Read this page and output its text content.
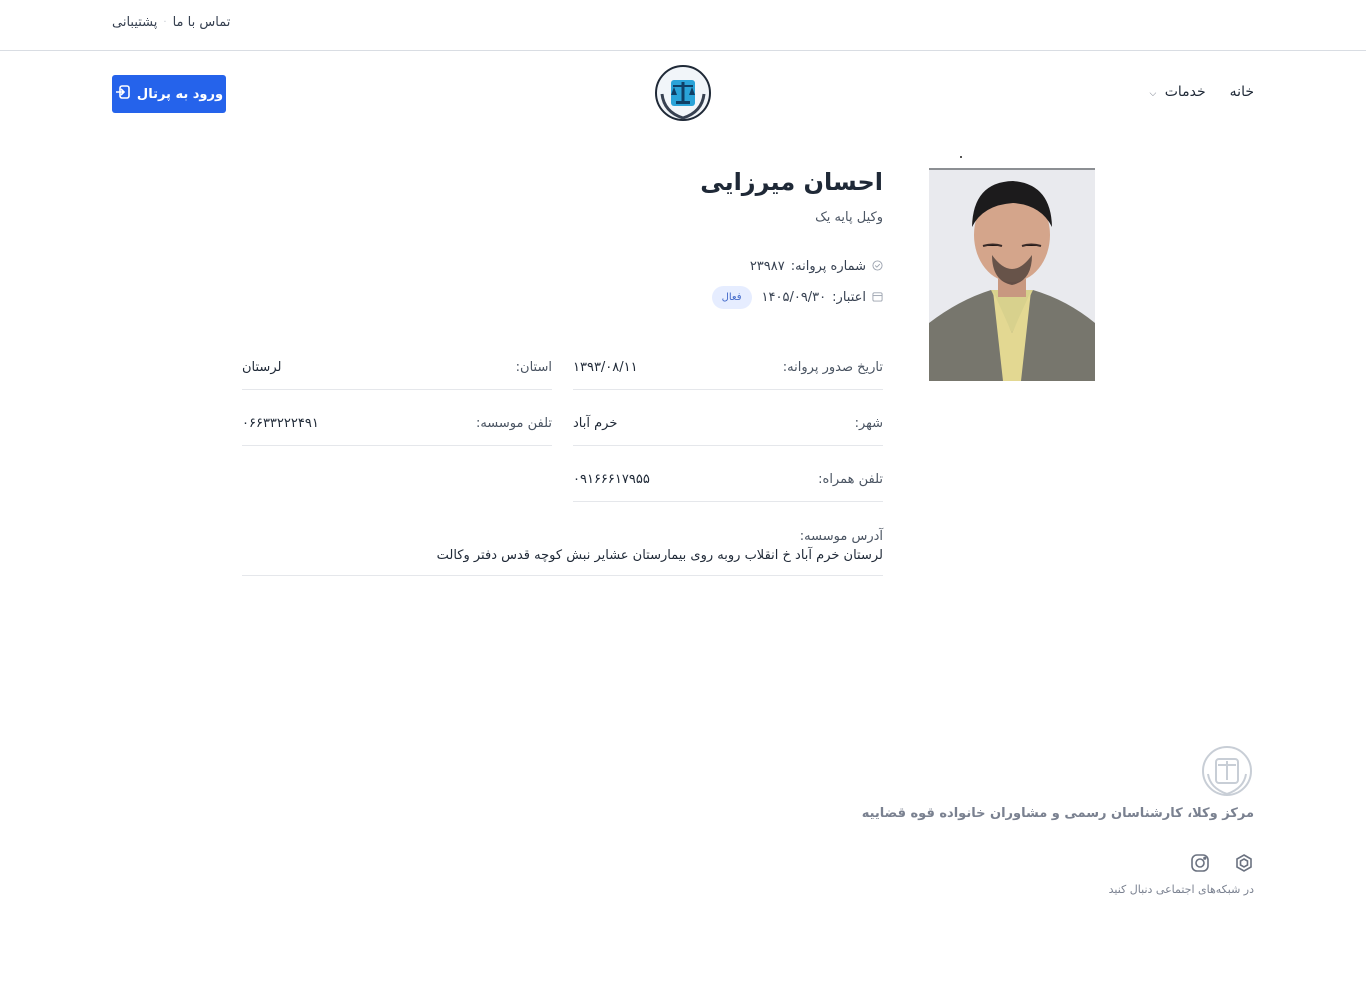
پشتیبانی · تماس با ما
خانه
خدمات ⌵
ورود به پرتال
احسان میرزایی
وکیل پایه یک
شماره پروانه:
۲۳۹۸۷
اعتبار:
۱۴۰۵/۰۹/۳۰
فعال
تاریخ صدور پروانه:
۱۳۹۳/۰۸/۱۱
استان:
لرستان
شهر:
خرم آباد
تلفن موسسه:
۰۶۶۳۳۲۲۲۴۹۱
تلفن همراه:
۰۹۱۶۶۶۱۷۹۵۵
آدرس موسسه:
لرستان خرم آباد خ انقلاب روبه روی بیمارستان عشایر نبش کوچه قدس دفتر وکالت
مرکز وکلا، کارشناسان رسمی و مشاوران خانواده قوه قضاییه
در شبکه‌های اجتماعی دنبال کنید
